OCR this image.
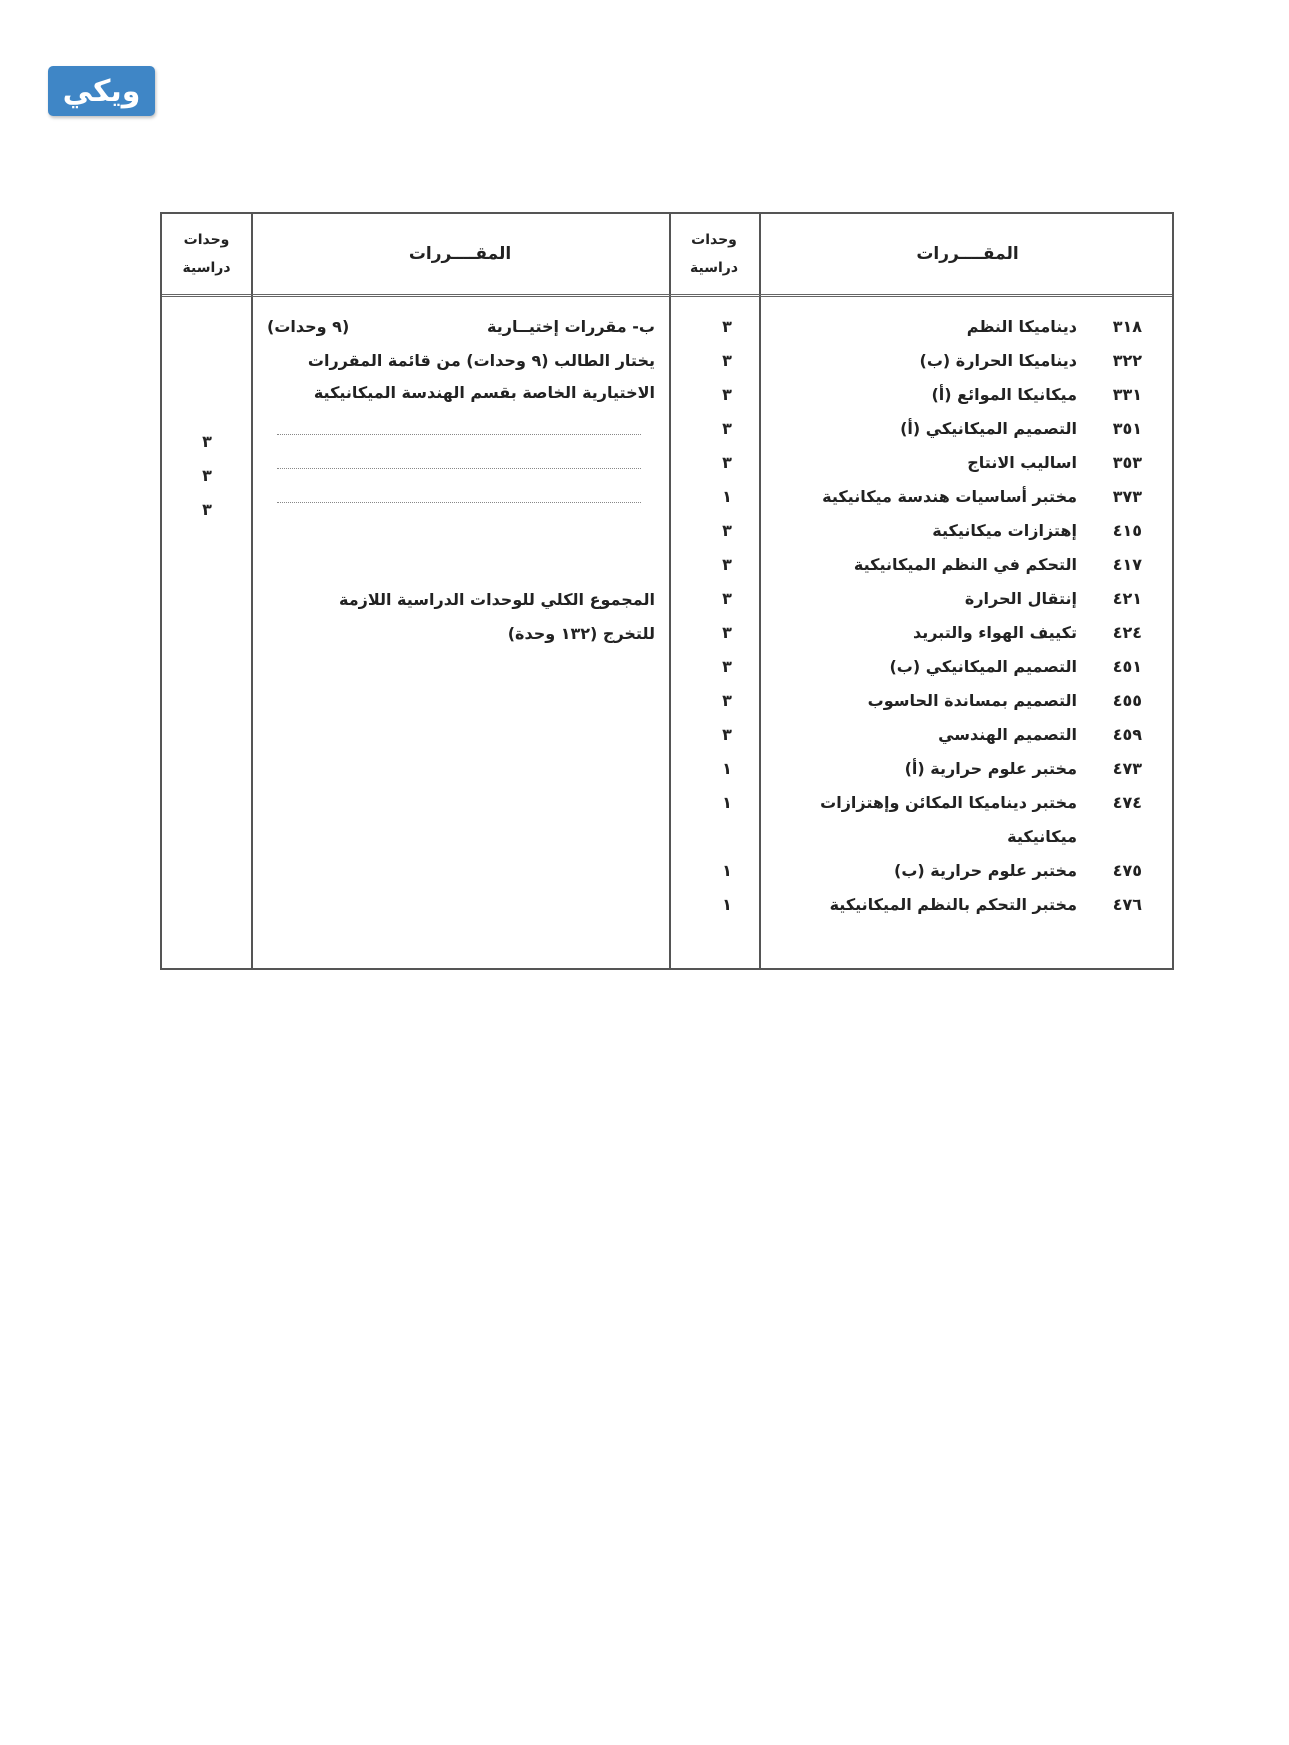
ويكي
وحدات
دراسية
المقــــررات
وحدات
دراسية
المقــــررات
٣١٨
ديناميكا النظم
٣
٣٢٢
ديناميكا الحرارة (ب)
٣
٣٣١
ميكانيكا الموائع (أ)
٣
٣٥١
التصميم الميكانيكي (أ)
٣
٣٥٣
اساليب الانتاج
٣
٣٧٣
مختبر أساسيات هندسة ميكانيكية
١
٤١٥
إهتزازات ميكانيكية
٣
٤١٧
التحكم في النظم الميكانيكية
٣
٤٢١
إنتقال الحرارة
٣
٤٢٤
تكييف الهواء والتبريد
٣
٤٥١
التصميم الميكانيكي (ب)
٣
٤٥٥
التصميم بمساندة الحاسوب
٣
٤٥٩
التصميم الهندسي
٣
٤٧٣
مختبر علوم حرارية (أ)
١
٤٧٤
مختبر ديناميكا المكائن وإهتزازات
١
ميكانيكية
٤٧٥
مختبر علوم حرارية (ب)
١
٤٧٦
مختبر التحكم بالنظم الميكانيكية
١
ب- مقررات إختيــارية
(٩ وحدات)
يختار الطالب (٩ وحدات) من قائمة المقررات
الاختيارية الخاصة بقسم الهندسة الميكانيكية
٣
٣
٣
المجموع الكلي للوحدات الدراسية اللازمة
للتخرج (١٣٢ وحدة)
